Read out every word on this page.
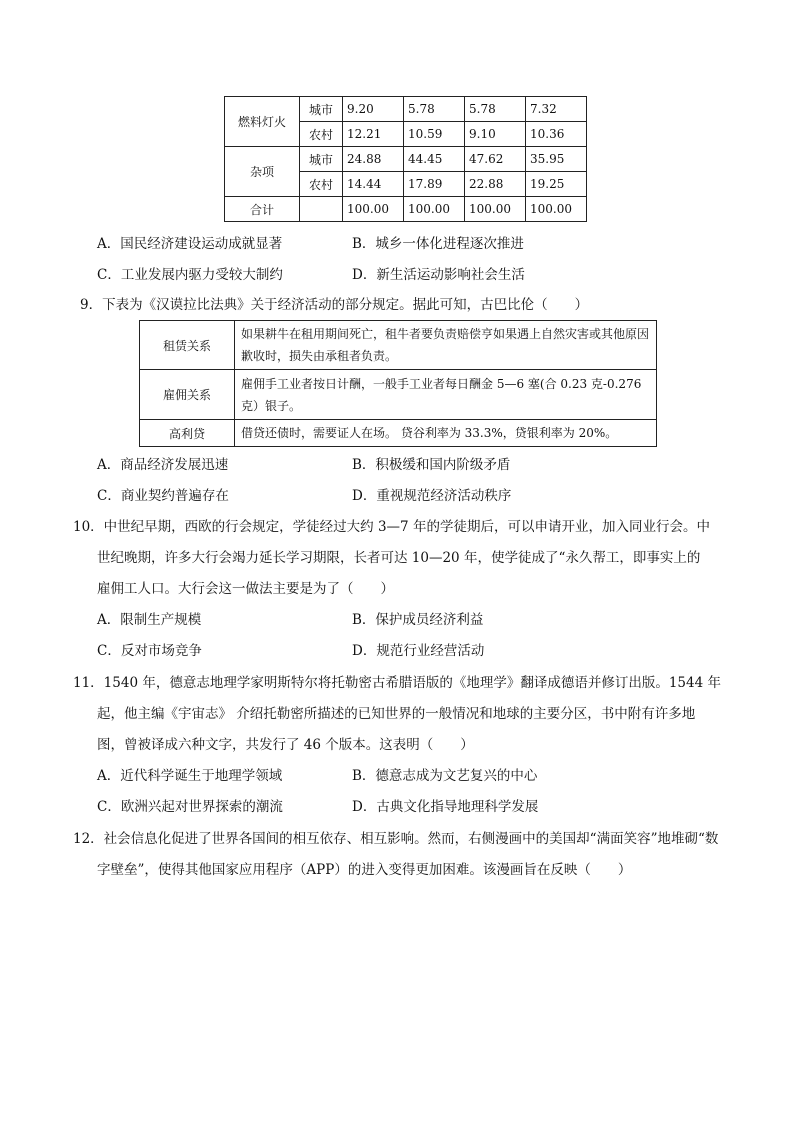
燃料灯火	城市	9.20	5.78	5.78	7.32
	农村	12.21	10.59	9.10	10.36
杂项	城市	24.88	44.45	47.62	35.95
	农村	14.44	17.89	22.88	19.25
合计		100.00	100.00	100.00	100.00
A．国民经济建设运动成就显著	B．城乡一体化进程逐次推进
C．工业发展内驱力受较大制约	D．新生活运动影响社会生活
9．下表为《汉谟拉比法典》关于经济活动的部分规定。据此可知，古巴比伦（　　）
租赁关系	如果耕牛在租用期间死亡，租牛者要负责赔偿亨如果遇上自然灾害或其他原因歉收时，损失由承租者负责。
雇佣关系	雇佣手工业者按日计酬，一般手工业者每日酬金 5—6 塞(合 0.23 克-0.276 克）银子。
高利贷	借贷还债时，需要证人在场。 贷谷利率为 33.3%，贷银利率为 20%。
A．商品经济发展迅速	B．积极缓和国内阶级矛盾
C．商业契约普遍存在	D．重视规范经济活动秩序
10．中世纪早期，西欧的行会规定，学徒经过大约 3—7 年的学徒期后，可以申请开业，加入同业行会。中
世纪晚期，许多大行会竭力延长学习期限，长者可达 10—20 年，使学徒成了“永久帮工，即事实上的
雇佣工人口。大行会这一做法主要是为了（　　）
A．限制生产规模	B．保护成员经济利益
C．反对市场竞争	D．规范行业经营活动
11．1540 年，德意志地理学家明斯特尔将托勒密古希腊语版的《地理学》翻译成德语并修订出版。1544 年
起，他主编《宇宙志》 介绍托勒密所描述的已知世界的一般情况和地球的主要分区，书中附有许多地
图，曾被译成六种文字，共发行了 46 个版本。这表明（　　）
A．近代科学诞生于地理学领域	B．德意志成为文艺复兴的中心
C．欧洲兴起对世界探索的潮流	D．古典文化指导地理科学发展
12．社会信息化促进了世界各国间的相互依存、相互影响。然而，右侧漫画中的美国却“满面笑容”地堆砌“数
字壁垒”，使得其他国家应用程序（APP）的进入变得更加困难。该漫画旨在反映（　　）
